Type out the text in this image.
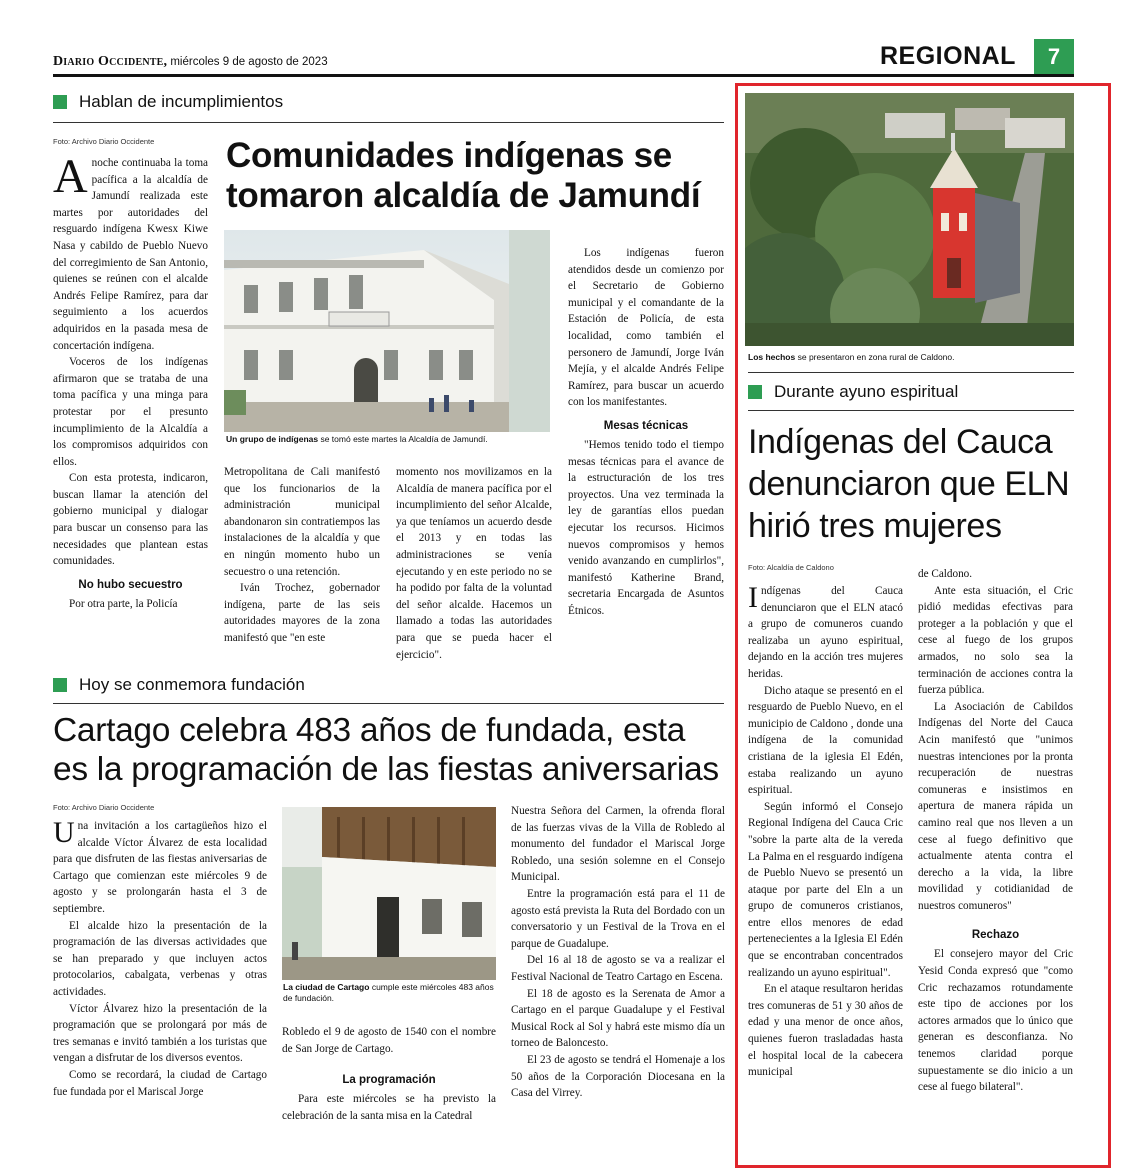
Diario Occidente, miércoles 9 de agosto de 2023	REGIONAL	7
Hablan de incumplimientos
Foto: Archivo Diario Occidente Comunidades indígenas se
tomaron alcaldía de Jamundí

Anoche continuaba la toma pacífica a la alcaldía de Jamundí realizada este martes por autoridades del resguardo indígena Kwesx Kiwe Nasa y cabildo de Pueblo Nuevo del corregimiento de San Antonio, quienes se reúnen con el alcalde Andrés Felipe Ramírez, para dar seguimiento a los acuerdos adquiridos en la pasada mesa de concertación indígena.

Voceros de los indígenas afirmaron que se trataba de una toma pacífica y una minga para protestar por el presunto incumplimiento de la Alcaldía a los compromisos adquiridos con ellos.

Con esta protesta, indicaron, buscan llamar la atención del gobierno municipal y dialogar para buscar un consenso para las necesidades que plantean estas comunidades.

No hubo secuestro

Por otra parte, la Policía

Un grupo de indígenas se tomó este martes la Alcaldía de Jamundí.

Metropolitana de Cali manifestó que los funcionarios de la administración municipal abandonaron sin contratiempos las instalaciones de la alcaldía y que en ningún momento hubo un secuestro o una retención.

Iván Trochez, gobernador indígena, parte de las seis autoridades mayores de la zona manifestó que "en este

momento nos movilizamos en la Alcaldía de manera pacífica por el incumplimiento del señor Alcalde, ya que teníamos un acuerdo desde el 2013 y en todas las administraciones se venía ejecutando y en este periodo no se ha podido por falta de la voluntad del señor alcalde. Hacemos un llamado a todas las autoridades para que se pueda hacer el ejercicio".

Los indígenas fueron atendidos desde un comienzo por el Secretario de Gobierno municipal y el comandante de la Estación de Policía, de esta localidad, como también el personero de Jamundí, Jorge Iván Mejía, y el alcalde Andrés Felipe Ramírez, para buscar un acuerdo con los manifestantes.

Mesas técnicas

"Hemos tenido todo el tiempo mesas técnicas para el avance de la estructuración de los tres proyectos. Una vez terminada la ley de garantías ellos puedan ejecutar los recursos. Hicimos nuevos compromisos y hemos venido avanzando en cumplirlos", manifestó Katherine Brand, secretaria Encargada de Asuntos Étnicos.

Hoy se conmemora fundación
Cartago celebra 483 años de fundada, esta
es la programación de las fiestas aniversarias
Foto: Archivo Diario Occidente

Una invitación a los cartagüeños hizo el alcalde Víctor Álvarez de esta localidad para que disfruten de las fiestas aniversarias de Cartago que comienzan este miércoles 9 de agosto y se prolongarán hasta el 3 de septiembre.

El alcalde hizo la presentación de la programación de las diversas actividades que se han preparado y que incluyen actos protocolarios, cabalgata, verbenas y otras actividades.

Víctor Álvarez hizo la presentación de la programación que se prolongará por más de tres semanas e invitó también a los turistas que vengan a disfrutar de los diversos eventos.

Como se recordará, la ciudad de Cartago fue fundada por el Mariscal Jorge

La ciudad de Cartago cumple este miércoles 483 años de fundación.

Robledo el 9 de agosto de 1540 con el nombre de San Jorge de Cartago.

La programación

Para este miércoles se ha previsto la celebración de la santa misa en la Catedral

Nuestra Señora del Carmen, la ofrenda floral de las fuerzas vivas de la Villa de Robledo al monumento del fundador el Mariscal Jorge Robledo, una sesión solemne en el Consejo Municipal.

Entre la programación está para el 11 de agosto está prevista la Ruta del Bordado con un conversatorio y un Festival de la Trova en el parque de Guadalupe.

Del 16 al 18 de agosto se va a realizar el Festival Nacional de Teatro Cartago en Escena.

El 18 de agosto es la Serenata de Amor a Cartago en el parque Guadalupe y el Festival Musical Rock al Sol y habrá este mismo día un torneo de Baloncesto.

El 23 de agosto se tendrá el Homenaje a los 50 años de la Corporación Diocesana en la Casa del Virrey.

Los hechos se presentaron en zona rural de Caldono.
Durante ayuno espiritual
Indígenas del Cauca
denunciaron que ELN
hirió tres mujeres
Foto: Alcaldía de Caldono

Indígenas del Cauca denunciaron que el ELN atacó a grupo de comuneros cuando realizaba un ayuno espiritual, dejando en la acción tres mujeres heridas.

Dicho ataque se presentó en el resguardo de Pueblo Nuevo, en el municipio de Caldono , donde una indígena de la comunidad cristiana de la iglesia El Edén, estaba realizando un ayuno espiritual.

Según informó el Consejo Regional Indígena del Cauca Cric "sobre la parte alta de la vereda La Palma en el resguardo indígena de Pueblo Nuevo se presentó un ataque por parte del Eln a un grupo de comuneros cristianos, entre ellos menores de edad pertenecientes a la Iglesia El Edén que se encontraban concentrados realizando un ayuno espiritual".

En el ataque resultaron heridas tres comuneras de 51 y 30 años de edad y una menor de once años, quienes fueron trasladadas hasta el hospital local de la cabecera municipal

de Caldono.

Ante esta situación, el Cric pidió medidas efectivas para proteger a la población y que el cese al fuego de los grupos armados, no solo sea la terminación de acciones contra la fuerza pública.

La Asociación de Cabildos Indígenas del Norte del Cauca Acin manifestó que "unimos nuestras intenciones por la pronta recuperación de nuestras comuneras e insistimos en apertura de manera rápida un camino real que nos lleven a un cese al fuego definitivo que actualmente atenta contra el derecho a la vida, la libre movilidad y cotidianidad de nuestros comuneros"

Rechazo

El consejero mayor del Cric Yesid Conda expresó que "como Cric rechazamos rotundamente este tipo de acciones por los actores armados que lo único que generan es desconfianza. No tenemos claridad porque supuestamente se dio inicio a un cese al fuego bilateral".
